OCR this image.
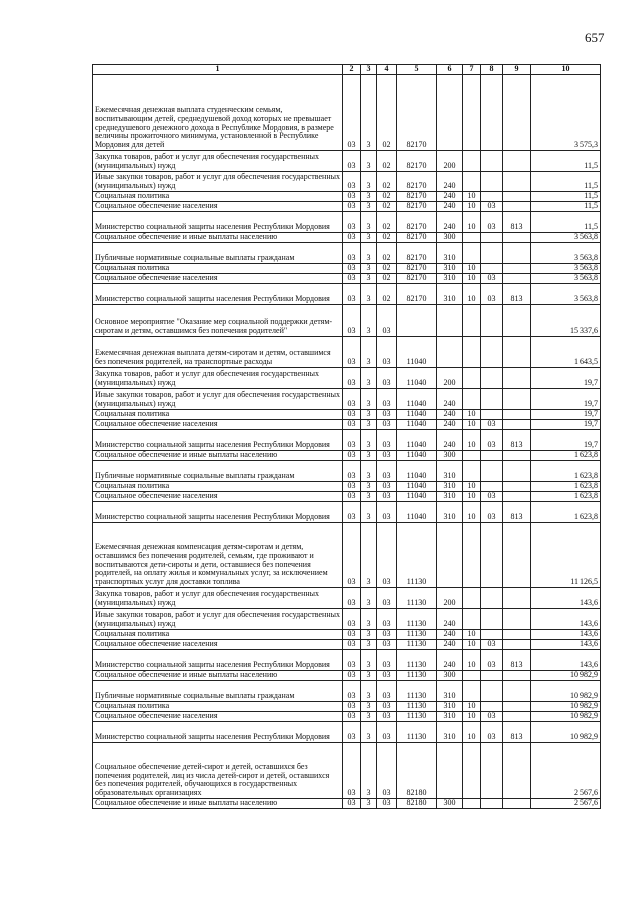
657
1	2	3	4	5	6	7	8	9	10
Ежемесячная денежная выплата студенческим семьям, воспитывающим детей, среднедушевой доход которых не превышает среднедушевого денежного дохода в Республике Мордовия, в размере величины прожиточного минимума, установленной в Республике Мордовия для детей	03	3	02	82170					3 575,3
Закупка товаров, работ и услуг для обеспечения государственных (муниципальных) нужд	03	3	02	82170	200				11,5
Иные закупки товаров, работ и услуг для обеспечения государственных (муниципальных) нужд	03	3	02	82170	240				11,5
Социальная политика	03	3	02	82170	240	10			11,5
Социальное обеспечение населения	03	3	02	82170	240	10	03		11,5
Министерство социальной защиты населения Республики Мордовия	03	3	02	82170	240	10	03	813	11,5
Социальное обеспечение и иные выплаты населению	03	3	02	82170	300				3 563,8
Публичные нормативные социальные выплаты гражданам	03	3	02	82170	310				3 563,8
Социальная политика	03	3	02	82170	310	10			3 563,8
Социальное обеспечение населения	03	3	02	82170	310	10	03		3 563,8
Министерство социальной защиты населения Республики Мордовия	03	3	02	82170	310	10	03	813	3 563,8
Основное мероприятие "Оказание мер социальной поддержки детям-сиротам и детям, оставшимся без попечения родителей"	03	3	03						15 337,6
Ежемесячная денежная выплата детям-сиротам и детям, оставшимся без попечения родителей, на транспортные расходы	03	3	03	11040					1 643,5
Закупка товаров, работ и услуг для обеспечения государственных (муниципальных) нужд	03	3	03	11040	200				19,7
Иные закупки товаров, работ и услуг для обеспечения государственных (муниципальных) нужд	03	3	03	11040	240				19,7
Социальная политика	03	3	03	11040	240	10			19,7
Социальное обеспечение населения	03	3	03	11040	240	10	03		19,7
Министерство социальной защиты населения Республики Мордовия	03	3	03	11040	240	10	03	813	19,7
Социальное обеспечение и иные выплаты населению	03	3	03	11040	300				1 623,8
Публичные нормативные социальные выплаты гражданам	03	3	03	11040	310				1 623,8
Социальная политика	03	3	03	11040	310	10			1 623,8
Социальное обеспечение населения	03	3	03	11040	310	10	03		1 623,8
Министерство социальной защиты населения Республики Мордовия	03	3	03	11040	310	10	03	813	1 623,8
Ежемесячная денежная компенсация детям-сиротам и детям, оставшимся без попечения родителей, семьям, где проживают и воспитываются дети-сироты и дети, оставшиеся без попечения родителей, на оплату жилья и коммунальных услуг, за исключением транспортных услуг для доставки топлива	03	3	03	11130					11 126,5
Закупка товаров, работ и услуг для обеспечения государственных (муниципальных) нужд	03	3	03	11130	200				143,6
Иные закупки товаров, работ и услуг для обеспечения государственных (муниципальных) нужд	03	3	03	11130	240				143,6
Социальная политика	03	3	03	11130	240	10			143,6
Социальное обеспечение населения	03	3	03	11130	240	10	03		143,6
Министерство социальной защиты населения Республики Мордовия	03	3	03	11130	240	10	03	813	143,6
Социальное обеспечение и иные выплаты населению	03	3	03	11130	300				10 982,9
Публичные нормативные социальные выплаты гражданам	03	3	03	11130	310				10 982,9
Социальная политика	03	3	03	11130	310	10			10 982,9
Социальное обеспечение населения	03	3	03	11130	310	10	03		10 982,9
Министерство социальной защиты населения Республики Мордовия	03	3	03	11130	310	10	03	813	10 982,9
Социальное обеспечение детей-сирот и детей, оставшихся без попечения родителей, лиц из числа детей-сирот и детей, оставшихся без попечения родителей, обучающихся в государственных образовательных организациях	03	3	03	82180					2 567,6
Социальное обеспечение и иные выплаты населению	03	3	03	82180	300				2 567,6
